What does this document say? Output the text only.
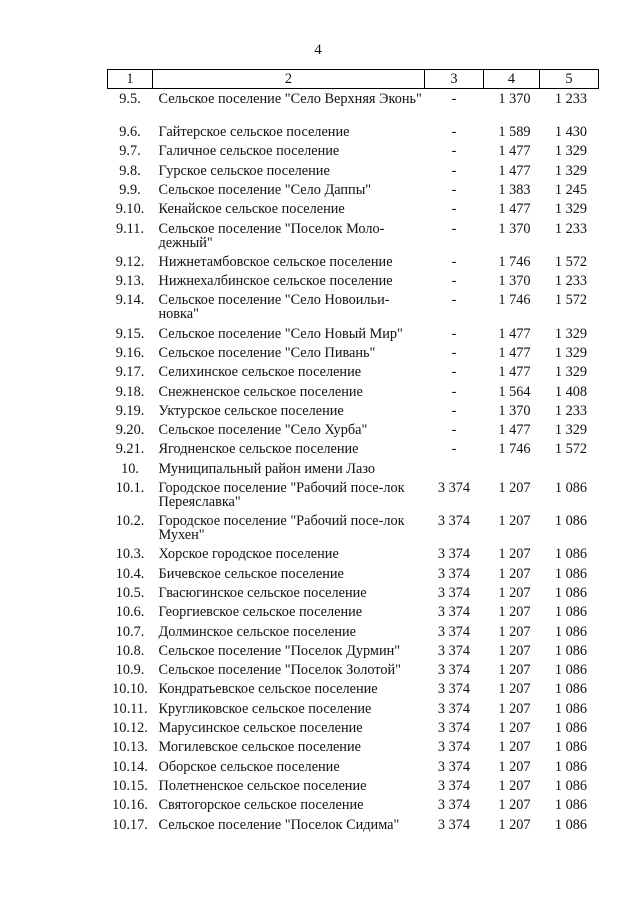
4
1	2	3	4	5
9.5.	Сельское поселение "Село Верхняя Эконь"	-	1 370	1 233
9.6.	Гайтерское сельское поселение	-	1 589	1 430
9.7.	Галичное сельское поселение	-	1 477	1 329
9.8.	Гурское сельское поселение	-	1 477	1 329
9.9.	Сельское поселение "Село Даппы"	-	1 383	1 245
9.10.	Кенайское сельское поселение	-	1 477	1 329
9.11.	Сельское поселение "Поселок Моло-дежный"	-	1 370	1 233
9.12.	Нижнетамбовское сельское поселение	-	1 746	1 572
9.13.	Нижнехалбинское сельское поселение	-	1 370	1 233
9.14.	Сельское поселение "Село Новоильи-новка"	-	1 746	1 572
9.15.	Сельское поселение "Село Новый Мир"	-	1 477	1 329
9.16.	Сельское поселение "Село Пивань"	-	1 477	1 329
9.17.	Селихинское сельское поселение	-	1 477	1 329
9.18.	Снежненское сельское поселение	-	1 564	1 408
9.19.	Уктурское сельское поселение	-	1 370	1 233
9.20.	Сельское поселение "Село Хурба"	-	1 477	1 329
9.21.	Ягодненское сельское поселение	-	1 746	1 572
10.	Муниципальный район имени Лазо			
10.1.	Городское поселение "Рабочий посе-лок Переяславка"	3 374	1 207	1 086
10.2.	Городское поселение "Рабочий посе-лок Мухен"	3 374	1 207	1 086
10.3.	Хорское городское поселение	3 374	1 207	1 086
10.4.	Бичевское сельское поселение	3 374	1 207	1 086
10.5.	Гвасюгинское сельское поселение	3 374	1 207	1 086
10.6.	Георгиевское сельское поселение	3 374	1 207	1 086
10.7.	Долминское сельское поселение	3 374	1 207	1 086
10.8.	Сельское поселение "Поселок Дурмин"	3 374	1 207	1 086
10.9.	Сельское поселение "Поселок Золотой"	3 374	1 207	1 086
10.10.	Кондратьевское сельское поселение	3 374	1 207	1 086
10.11.	Кругликовское сельское поселение	3 374	1 207	1 086
10.12.	Марусинское сельское поселение	3 374	1 207	1 086
10.13.	Могилевское сельское поселение	3 374	1 207	1 086
10.14.	Оборское сельское поселение	3 374	1 207	1 086
10.15.	Полетненское сельское поселение	3 374	1 207	1 086
10.16.	Святогорское сельское поселение	3 374	1 207	1 086
10.17.	Сельское поселение "Поселок Сидима"	3 374	1 207	1 086
